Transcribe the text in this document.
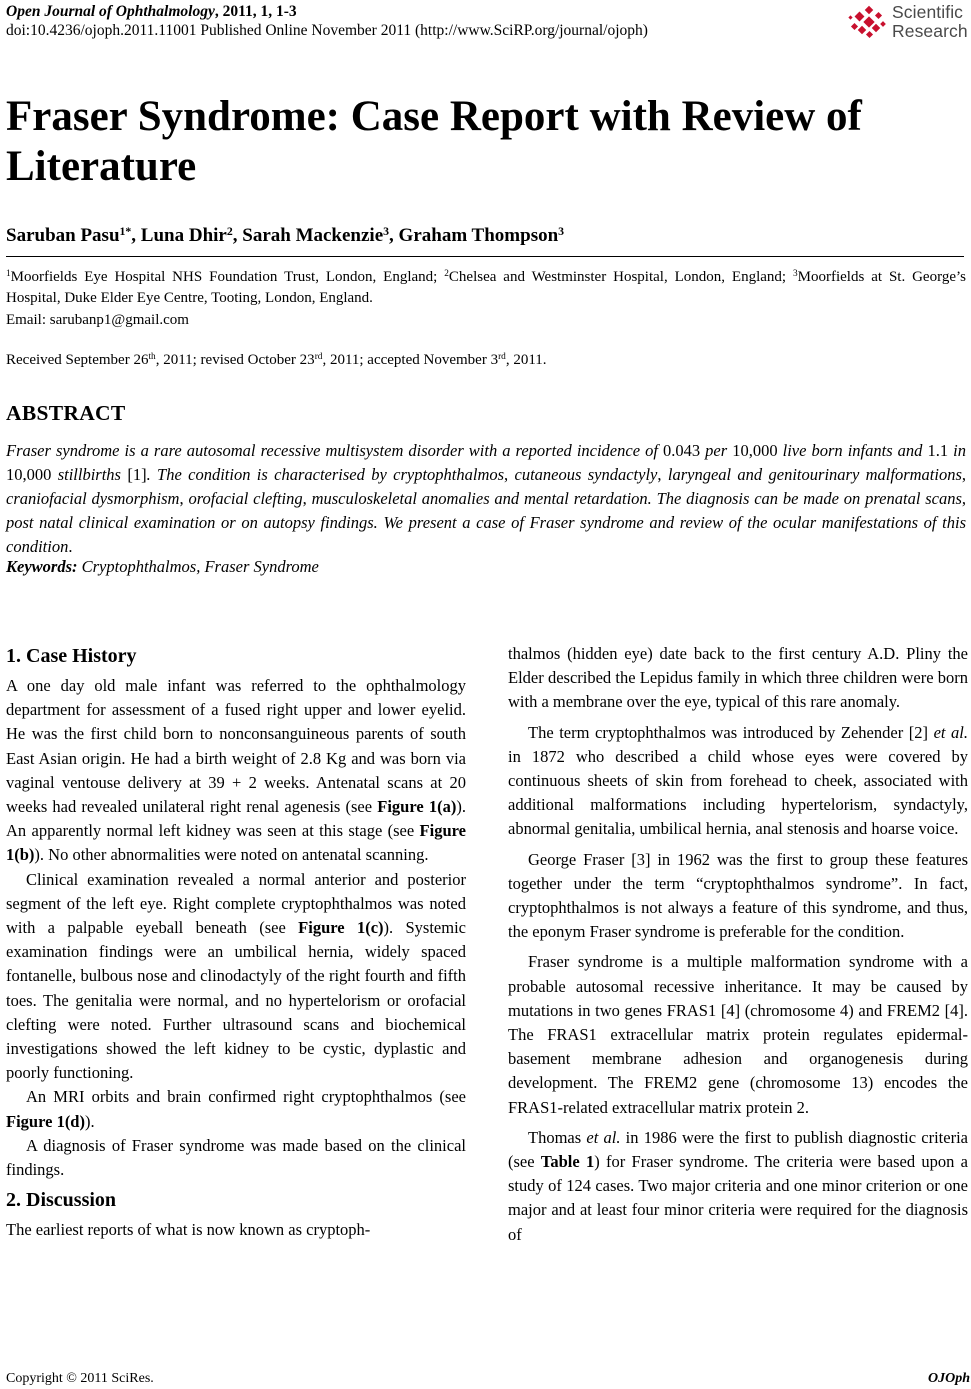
Open Journal of Ophthalmology, 2011, 1, 1-3
doi:10.4236/ojoph.2011.11001 Published Online November 2011 (http://www.SciRP.org/journal/ojoph)
Scientific
Research
Fraser Syndrome: Case Report with Review of Literature
Saruban Pasu$^{1*}$, Luna Dhir$^2$, Sarah Mackenzie$^3$, Graham Thompson$^3$
$^1$Moorfields Eye Hospital NHS Foundation Trust, London, England; $^2$Chelsea and Westminster Hospital, London, England; $^3$Moorfields at St. George’s Hospital, Duke Elder Eye Centre, Tooting, London, England.
Email: sarubanp1@gmail.com
Received September 26th, 2011; revised October 23rd, 2011; accepted November 3rd, 2011.
ABSTRACT
Fraser syndrome is a rare autosomal recessive multisystem disorder with a reported incidence of 0.043 per 10,000 live born infants and 1.1 in 10,000 stillbirths [1]. The condition is characterised by cryptophthalmos, cutaneous syndactyly, laryngeal and genitourinary malformations, craniofacial dysmorphism, orofacial clefting, musculoskeletal anomalies and mental retardation. The diagnosis can be made on prenatal scans, post natal clinical examination or on autopsy findings. We present a case of Fraser syndrome and review of the ocular manifestations of this condition.
Keywords: Cryptophthalmos, Fraser Syndrome
1. Case History

A one day old male infant was referred to the ophthalmology department for assessment of a fused right upper and lower eyelid. He was the first child born to nonconsanguineous parents of south East Asian origin. He had a birth weight of 2.8 Kg and was born via vaginal ventouse delivery at 39 + 2 weeks. Antenatal scans at 20 weeks had revealed unilateral right renal agenesis (see Figure 1(a)). An apparently normal left kidney was seen at this stage (see Figure 1(b)). No other abnormalities were noted on antenatal scanning.

Clinical examination revealed a normal anterior and posterior segment of the left eye. Right complete cryptophthalmos was noted with a palpable eyeball beneath (see Figure 1(c)). Systemic examination findings were an umbilical hernia, widely spaced fontanelle, bulbous nose and clinodactyly of the right fourth and fifth toes. The genitalia were normal, and no hypertelorism or orofacial clefting were noted. Further ultrasound scans and biochemical investigations showed the left kidney to be cystic, dyplastic and poorly functioning.

An MRI orbits and brain confirmed right cryptophthalmos (see Figure 1(d)).

A diagnosis of Fraser syndrome was made based on the clinical findings.

2. Discussion

The earliest reports of what is now known as cryptoph-

thalmos (hidden eye) date back to the first century A.D. Pliny the Elder described the Lepidus family in which three children were born with a membrane over the eye, typical of this rare anomaly.

The term cryptophthalmos was introduced by Zehender [2] et al. in 1872 who described a child whose eyes were covered by continuous sheets of skin from forehead to cheek, associated with additional malformations including hypertelorism, syndactyly, abnormal genitalia, umbilical hernia, anal stenosis and hoarse voice.

George Fraser [3] in 1962 was the first to group these features together under the term “cryptophthalmos syndrome”. In fact, cryptophthalmos is not always a feature of this syndrome, and thus, the eponym Fraser syndrome is preferable for the condition.

Fraser syndrome is a multiple malformation syndrome with a probable autosomal recessive inheritance. It may be caused by mutations in two genes FRAS1 [4] (chromosome 4) and FREM2 [4]. The FRAS1 extracellular matrix protein regulates epidermal-basement membrane adhesion and organogenesis during development. The FREM2 gene (chromosome 13) encodes the FRAS1-related extracellular matrix protein 2.

Thomas et al. in 1986 were the first to publish diagnostic criteria (see Table 1) for Fraser syndrome. The criteria were based upon a study of 124 cases. Two major criteria and one minor criterion or one major and at least four minor criteria were required for the diagnosis of

Copyright © 2011 SciRes.	OJOph
